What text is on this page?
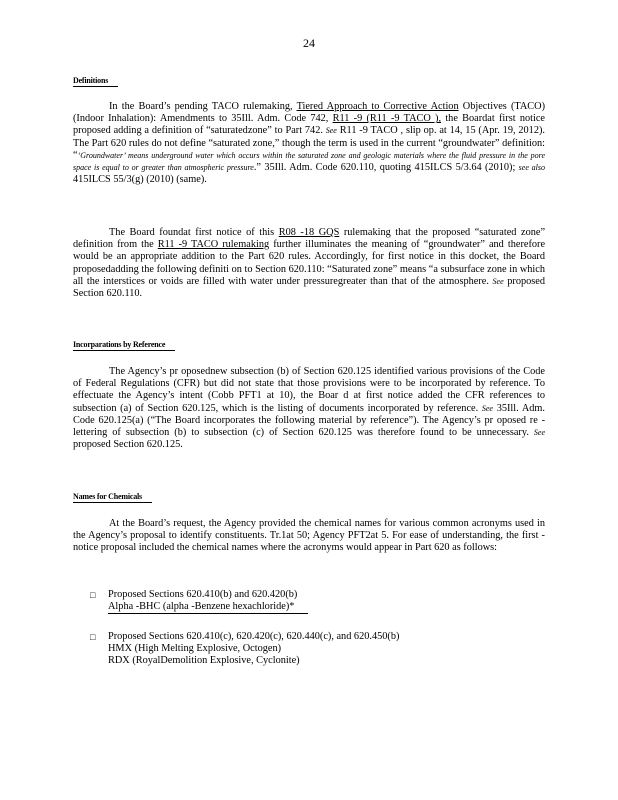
24
Definitions

In the Board’s pending TACO rulemaking, Tiered Approach to Corrective Action Objectives (TACO) (Indoor Inhalation): Amendments to 35Ill. Adm. Code 742, R11 -9 (R11 -9 TACO ), the Boardat first notice proposed adding a definition of “saturatedzone” to Part 742. See R11 -9 TACO , slip op. at 14, 15 (Apr. 19, 2012). The Part 620 rules do not define “saturated zone,” though the term is used in the current “groundwater” definition: “‘Groundwater’ means underground water which occurs within the saturated zone and geologic materials where the fluid pressure in the pore space is equal to or greater than atmospheric pressure.” 35Ill. Adm. Code 620.110, quoting 415ILCS 5/3.64 (2010); see also 415ILCS 55/3(g) (2010) (same).

The Board foundat first notice of this R08 -18 GQS rulemaking that the proposed “saturated zone” definition from the R11 -9 TACO rulemaking further illuminates the meaning of “groundwater” and therefore would be an appropriate addition to the Part 620 rules. Accordingly, for first notice in this docket, the Board proposedadding the following definiti on to Section 620.110: “Saturated zone” means “a subsurface zone in which all the interstices or voids are filled with water under pressuregreater than that of the atmosphere. See proposed Section 620.110.

Incorparations by Reference

The Agency’s pr oposednew subsection (b) of Section 620.125 identified various provisions of the Code of Federal Regulations (CFR) but did not state that those provisions were to be incorporated by reference. To effectuate the Agency’s intent (Cobb PFT1 at 10), the Boar d at first notice added the CFR references to subsection (a) of Section 620.125, which is the listing of documents incorporated by reference. See 35Ill. Adm. Code 620.125(a) (“The Board incorporates the following material by reference”). The Agency’s pr oposed re -lettering of subsection (b) to subsection (c) of Section 620.125 was therefore found to be unnecessary. See proposed Section 620.125.

Names for Chemicals

At the Board’s request, the Agency provided the chemical names for various common acronyms used in the Agency’s proposal to identify constituents. Tr.1at 50; Agency PFT2at 5. For ease of understanding, the first -notice proposal included the chemical names where the acronyms would appear in Part 620 as follows:

□ Proposed Sections 620.410(b) and 620.420(b)
Alpha -BHC (alpha -Benzene hexachloride)*
□ Proposed Sections 620.410(c), 620.420(c), 620.440(c), and 620.450(b)
HMX (High Melting Explosive, Octogen)
RDX (RoyalDemolition Explosive, Cyclonite)
